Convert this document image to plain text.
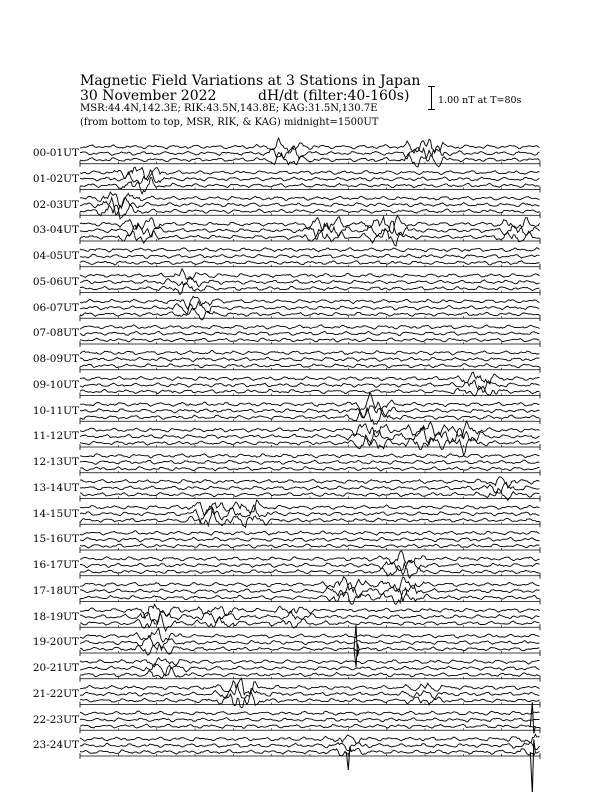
Magnetic Field Variations at 3 Stations in Japan
30 November 2022	dH/dt (filter:40-160s)
MSR:44.4N,142.3E; RIK:43.5N,143.8E; KAG:31.5N,130.7E
(from bottom to top, MSR, RIK, & KAG) midnight=1500UT
1.00 nT at T=80s
00-01UT
01-02UT
02-03UT
03-04UT
04-05UT
05-06UT
06-07UT
07-08UT
08-09UT
09-10UT
10-11UT
11-12UT
12-13UT
13-14UT
14-15UT
15-16UT
16-17UT
17-18UT
18-19UT
19-20UT
20-21UT
21-22UT
22-23UT
23-24UT
